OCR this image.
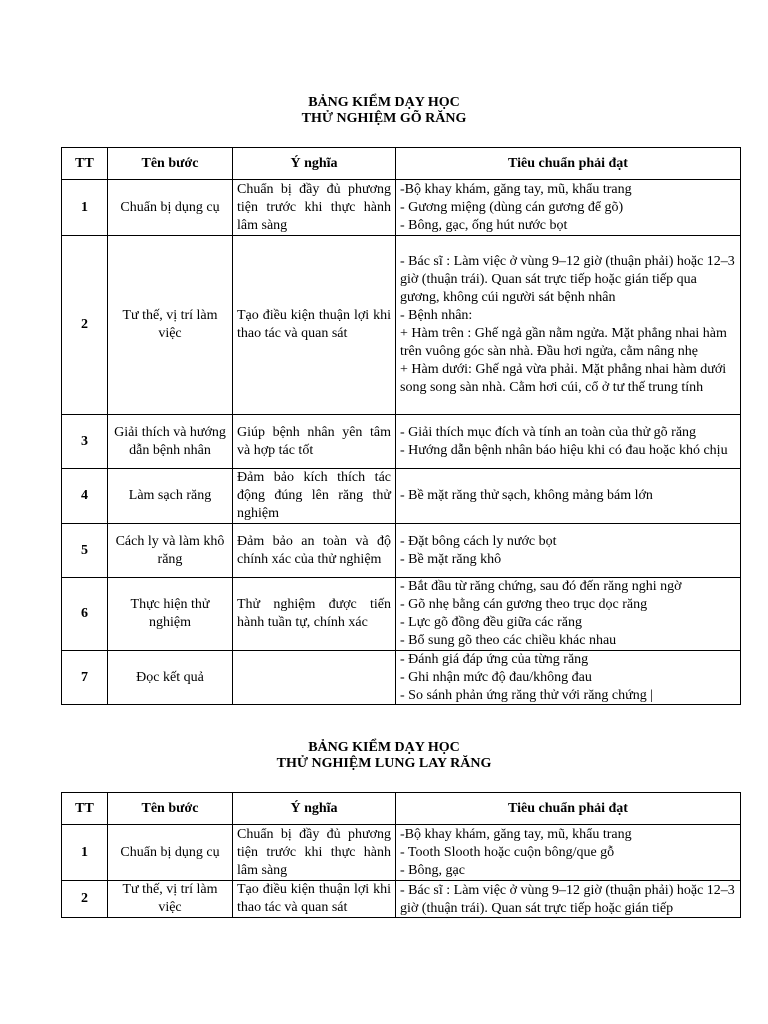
BẢNG KIỂM DẠY HỌC
THỬ NGHIỆM GÕ RĂNG
TT	Tên bước	Ý nghĩa	Tiêu chuẩn phải đạt
1	Chuẩn bị dụng cụ	Chuẩn bị đầy đủ phương tiện trước khi thực hành lâm sàng	-Bộ khay khám, găng tay, mũ, khẩu trang
- Gương miệng (dùng cán gương để gõ)
- Bông, gạc, ống hút nước bọt

2	Tư thế, vị trí làm việc	Tạo điều kiện thuận lợi khi thao tác và quan sát	- Bác sĩ : Làm việc ở vùng 9–12 giờ (thuận phải) hoặc 12–3 giờ (thuận trái). Quan sát trực tiếp hoặc gián tiếp qua gương, không cúi người sát bệnh nhân
- Bệnh nhân:
+ Hàm trên : Ghế ngả gần nằm ngửa. Mặt phẳng nhai hàm trên vuông góc sàn nhà. Đầu hơi ngửa, cằm nâng nhẹ
+ Hàm dưới: Ghế ngả vừa phải. Mặt phẳng nhai hàm dưới song song sàn nhà. Cằm hơi cúi, cổ ở tư thế trung tính

3	Giải thích và hướng dẫn bệnh nhân	Giúp bệnh nhân yên tâm và hợp tác tốt	- Giải thích mục đích và tính an toàn của thử gõ răng
- Hướng dẫn bệnh nhân báo hiệu khi có đau hoặc khó chịu

4	Làm sạch răng	Đảm bảo kích thích tác động đúng lên răng thử nghiệm	- Bề mặt răng thử sạch, không mảng bám lớn

5	Cách ly và làm khô răng	Đảm bảo an toàn và độ chính xác của thử nghiệm	- Đặt bông cách ly nước bọt
- Bề mặt răng khô

6	Thực hiện thử nghiệm	Thử nghiệm được tiến hành tuần tự, chính xác	- Bắt đầu từ răng chứng, sau đó đến răng nghi ngờ
- Gõ nhẹ bằng cán gương theo trục dọc răng
- Lực gõ đồng đều giữa các răng
- Bổ sung gõ theo các chiều khác nhau

7	Đọc kết quả		- Đánh giá đáp ứng của từng răng
- Ghi nhận mức độ đau/không đau
- So sánh phản ứng răng thử với răng chứng |
BẢNG KIỂM DẠY HỌC
THỬ NGHIỆM LUNG LAY RĂNG
TT	Tên bước	Ý nghĩa	Tiêu chuẩn phải đạt
1	Chuẩn bị dụng cụ	Chuẩn bị đầy đủ phương tiện trước khi thực hành lâm sàng	-Bộ khay khám, găng tay, mũ, khẩu trang
- Tooth Slooth hoặc cuộn bông/que gỗ
- Bông, gạc

2	Tư thế, vị trí làm việc	Tạo điều kiện thuận lợi khi thao tác và quan sát	- Bác sĩ : Làm việc ở vùng 9–12 giờ (thuận phải) hoặc 12–3 giờ (thuận trái). Quan sát trực tiếp hoặc gián tiếp
